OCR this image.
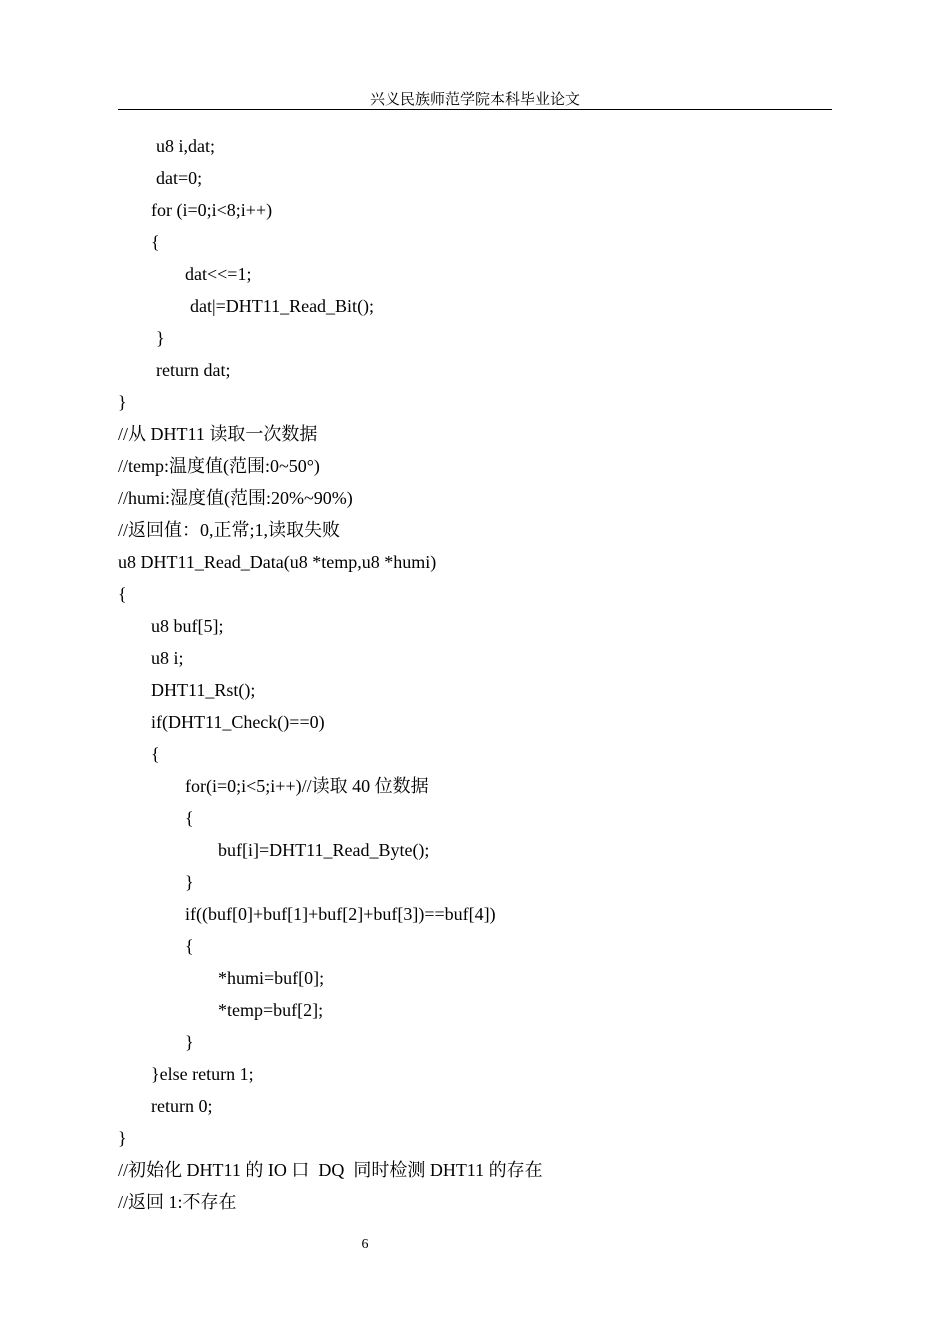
兴义民族师范学院本科毕业论文
u8 i,dat;
dat=0;
for (i=0;i<8;i++)
{
dat<<=1;
dat|=DHT11_Read_Bit();
}
return dat;
}
//从 DHT11 读取一次数据
//temp:温度值(范围:0~50°)
//humi:湿度值(范围:20%~90%)
//返回值：0,正常;1,读取失败
u8 DHT11_Read_Data(u8 *temp,u8 *humi)
{
u8 buf[5];
u8 i;
DHT11_Rst();
if(DHT11_Check()==0)
{
for(i=0;i<5;i++)//读取 40 位数据
{
buf[i]=DHT11_Read_Byte();
}
if((buf[0]+buf[1]+buf[2]+buf[3])==buf[4])
{
*humi=buf[0];
*temp=buf[2];
}
}else return 1;
return 0;
}
//初始化 DHT11 的 IO 口  DQ  同时检测 DHT11 的存在
//返回 1:不存在
6
